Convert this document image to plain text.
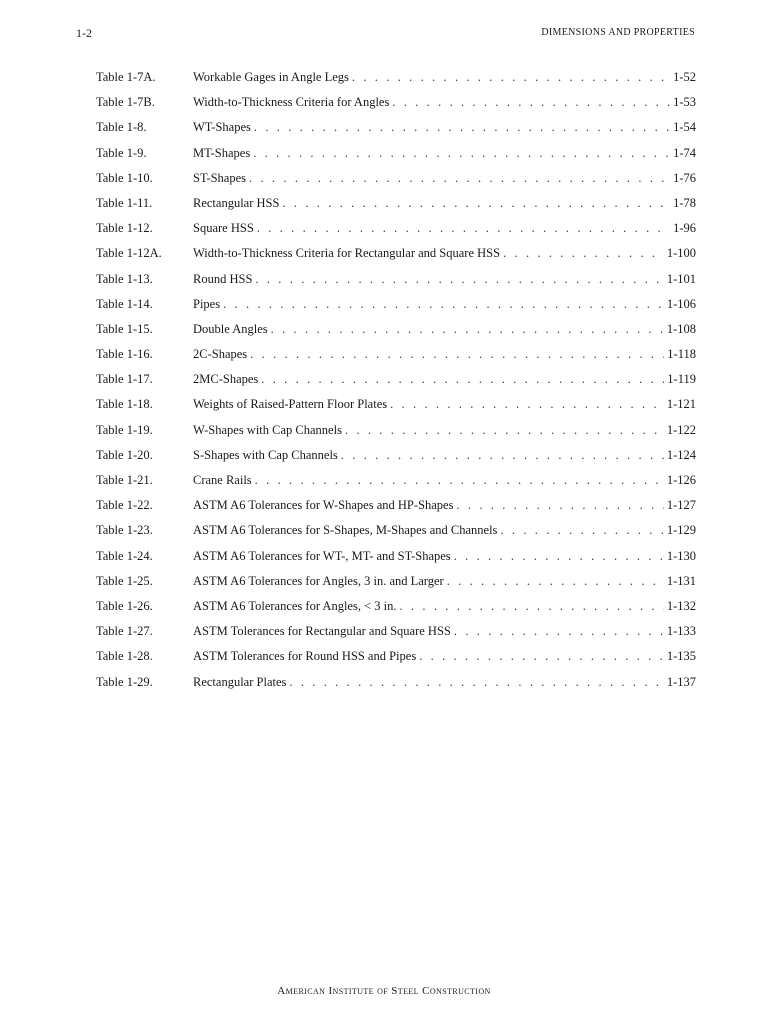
1-2	DIMENSIONS AND PROPERTIES
Table 1-7A.	Workable Gages in Angle Legs . . .	1-52
Table 1-7B.	Width-to-Thickness Criteria for Angles . . .	1-53
Table 1-8.	WT-Shapes . . .	1-54
Table 1-9.	MT-Shapes . . .	1-74
Table 1-10.	ST-Shapes . . .	1-76
Table 1-11.	Rectangular HSS . . .	1-78
Table 1-12.	Square HSS . . .	1-96
Table 1-12A.	Width-to-Thickness Criteria for Rectangular and Square HSS . . .	1-100
Table 1-13.	Round HSS . . .	1-101
Table 1-14.	Pipes . . .	1-106
Table 1-15.	Double Angles . . .	1-108
Table 1-16.	2C-Shapes . . .	1-118
Table 1-17.	2MC-Shapes . . .	1-119
Table 1-18.	Weights of Raised-Pattern Floor Plates . . .	1-121
Table 1-19.	W-Shapes with Cap Channels . . .	1-122
Table 1-20.	S-Shapes with Cap Channels . . .	1-124
Table 1-21.	Crane Rails . . .	1-126
Table 1-22.	ASTM A6 Tolerances for W-Shapes and HP-Shapes . . .	1-127
Table 1-23.	ASTM A6 Tolerances for S-Shapes, M-Shapes and Channels . . .	1-129
Table 1-24.	ASTM A6 Tolerances for WT-, MT- and ST-Shapes . . .	1-130
Table 1-25.	ASTM A6 Tolerances for Angles, 3 in. and Larger . . .	1-131
Table 1-26.	ASTM A6 Tolerances for Angles, < 3 in. . . .	1-132
Table 1-27.	ASTM Tolerances for Rectangular and Square HSS . . .	1-133
Table 1-28.	ASTM Tolerances for Round HSS and Pipes . . .	1-135
Table 1-29.	Rectangular Plates . . .	1-137
American Institute of Steel Construction
